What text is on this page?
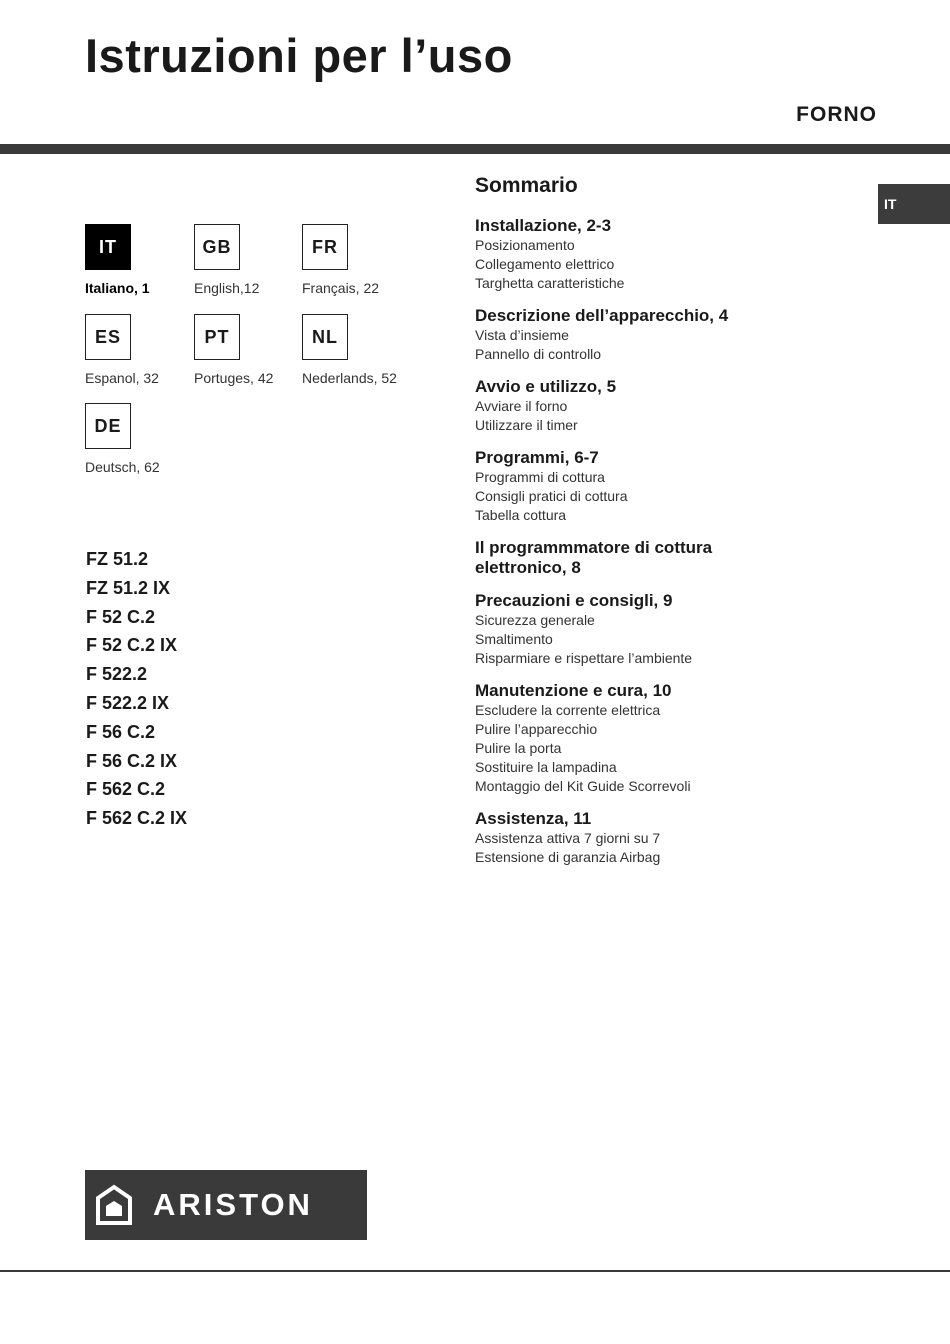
Istruzioni per l’uso
FORNO
IT
IT
Italiano, 1
GB
English,12
FR
Français, 22
ES
Espanol, 32
PT
Portuges, 42
NL
Nederlands, 52
DE
Deutsch, 62
FZ 51.2
FZ 51.2 IX
F 52 C.2
F 52 C.2 IX
F 522.2
F 522.2 IX
F 56 C.2
F 56 C.2 IX
F 562 C.2
F 562 C.2 IX
Sommario
Installazione, 2-3
Posizionamento
Collegamento elettrico
Targhetta caratteristiche
Descrizione dell’apparecchio, 4
Vista d’insieme
Pannello di controllo
Avvio e utilizzo, 5
Avviare il forno
Utilizzare il timer
Programmi, 6-7
Programmi di cottura
Consigli pratici di cottura
Tabella cottura
Il programmmatore di cottura elettronico, 8
Precauzioni e consigli, 9
Sicurezza generale
Smaltimento
Risparmiare e rispettare l’ambiente
Manutenzione e cura, 10
Escludere la corrente elettrica
Pulire l’apparecchio
Pulire la porta
Sostituire la lampadina
Montaggio del Kit Guide Scorrevoli
Assistenza, 11
Assistenza attiva 7 giorni su 7
Estensione di garanzia Airbag
ARISTON
